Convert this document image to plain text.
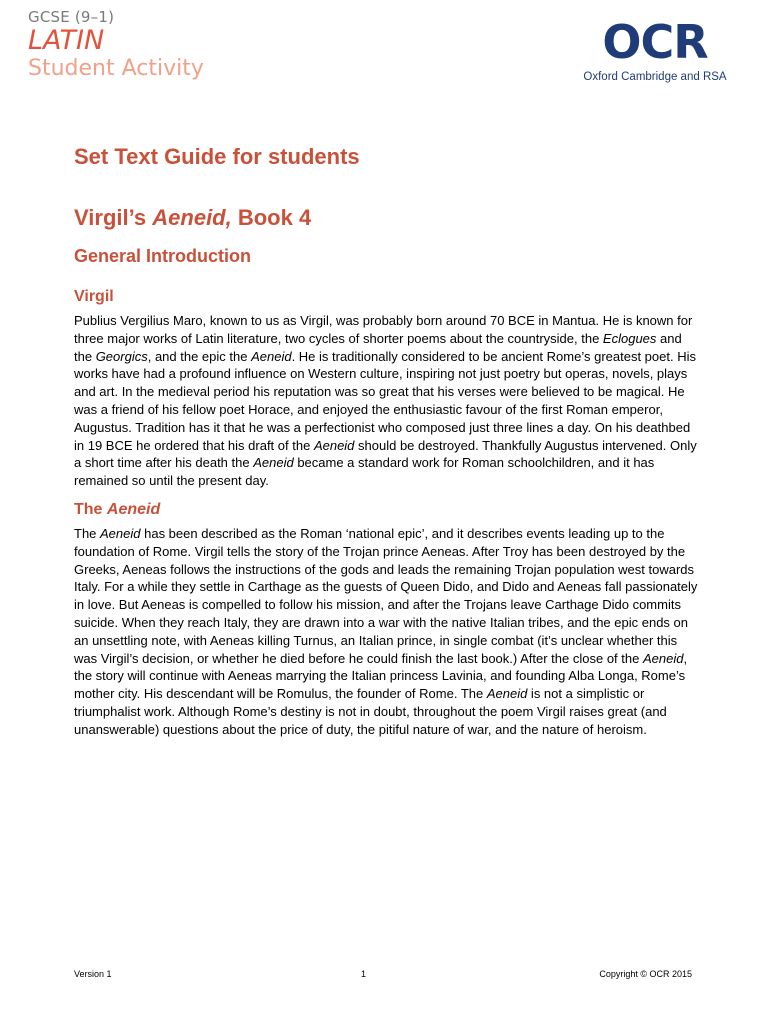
GCSE (9–1)
LATIN
Student Activity	OCR
Oxford Cambridge and RSA
Set Text Guide for students
Virgil’s Aeneid, Book 4
General Introduction
Virgil

Publius Vergilius Maro, known to us as Virgil, was probably born around 70 BCE in Mantua. He is known for three major works of Latin literature, two cycles of shorter poems about the countryside, the Eclogues and the Georgics, and the epic the Aeneid. He is traditionally considered to be ancient Rome’s greatest poet. His works have had a profound influence on Western culture, inspiring not just poetry but operas, novels, plays and art. In the medieval period his reputation was so great that his verses were believed to be magical. He was a friend of his fellow poet Horace, and enjoyed the enthusiastic favour of the first Roman emperor, Augustus. Tradition has it that he was a perfectionist who composed just three lines a day. On his deathbed in 19 BCE he ordered that his draft of the Aeneid should be destroyed. Thankfully Augustus intervened. Only a short time after his death the Aeneid became a standard work for Roman schoolchildren, and it has remained so until the present day.

The Aeneid

The Aeneid has been described as the Roman ‘national epic’, and it describes events leading up to the foundation of Rome. Virgil tells the story of the Trojan prince Aeneas. After Troy has been destroyed by the Greeks, Aeneas follows the instructions of the gods and leads the remaining Trojan population west towards Italy. For a while they settle in Carthage as the guests of Queen Dido, and Dido and Aeneas fall passionately in love. But Aeneas is compelled to follow his mission, and after the Trojans leave Carthage Dido commits suicide. When they reach Italy, they are drawn into a war with the native Italian tribes, and the epic ends on an unsettling note, with Aeneas killing Turnus, an Italian prince, in single combat (it’s unclear whether this was Virgil’s decision, or whether he died before he could finish the last book.) After the close of the Aeneid, the story will continue with Aeneas marrying the Italian princess Lavinia, and founding Alba Longa, Rome’s mother city. His descendant will be Romulus, the founder of Rome. The Aeneid is not a simplistic or triumphalist work. Although Rome’s destiny is not in doubt, throughout the poem Virgil raises great (and unanswerable) questions about the price of duty, the pitiful nature of war, and the nature of heroism.

Version 1	1	Copyright © OCR 2015
